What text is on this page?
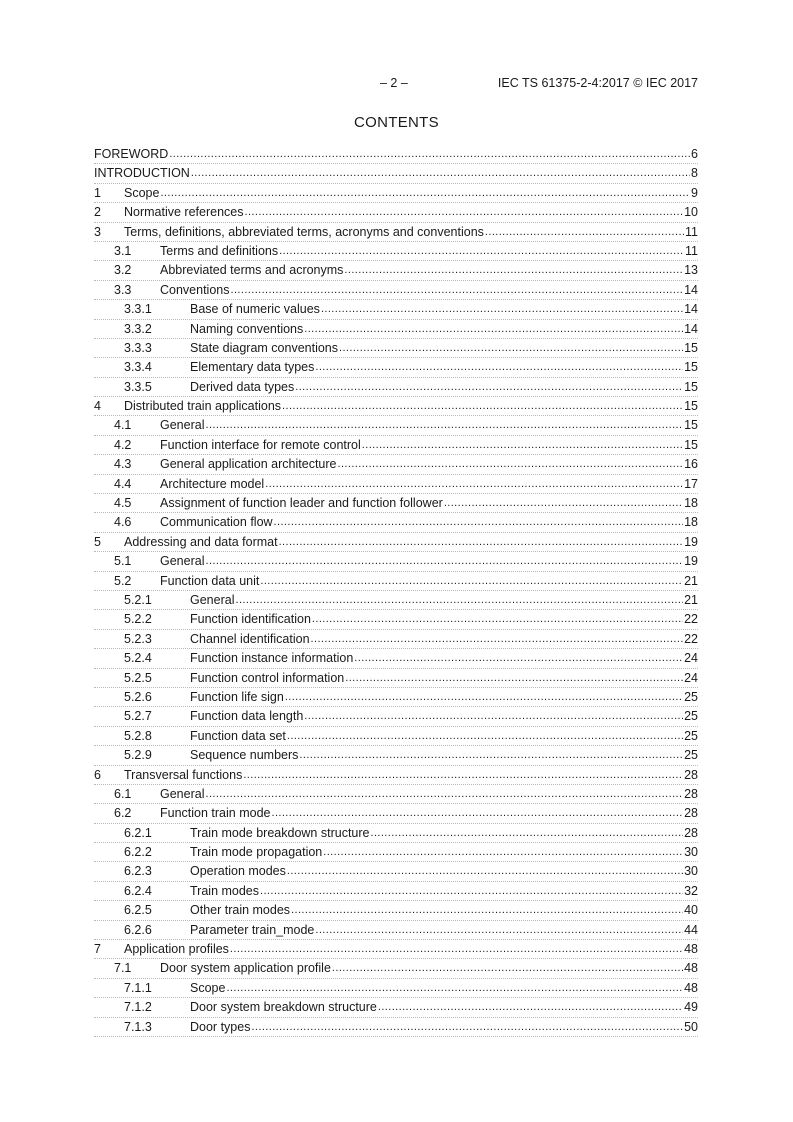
– 2 –	IEC TS 61375-2-4:2017 © IEC 2017
CONTENTS
FOREWORD .....	6
INTRODUCTION .....	8
1	Scope .....	9
2	Normative references .....	10
3	Terms, definitions, abbreviated terms, acronyms and conventions .....	11
3.1	Terms and definitions .....	11
3.2	Abbreviated terms and acronyms .....	13
3.3	Conventions .....	14
3.3.1	Base of numeric values .....	14
3.3.2	Naming conventions .....	14
3.3.3	State diagram conventions .....	15
3.3.4	Elementary data types .....	15
3.3.5	Derived data types .....	15
4	Distributed train applications .....	15
4.1	General .....	15
4.2	Function interface for remote control .....	15
4.3	General application architecture .....	16
4.4	Architecture model .....	17
4.5	Assignment of function leader and function follower .....	18
4.6	Communication flow .....	18
5	Addressing and data format .....	19
5.1	General .....	19
5.2	Function data unit .....	21
5.2.1	General .....	21
5.2.2	Function identification .....	22
5.2.3	Channel identification .....	22
5.2.4	Function instance information .....	24
5.2.5	Function control information .....	24
5.2.6	Function life sign .....	25
5.2.7	Function data length .....	25
5.2.8	Function data set .....	25
5.2.9	Sequence numbers .....	25
6	Transversal functions .....	28
6.1	General .....	28
6.2	Function train mode .....	28
6.2.1	Train mode breakdown structure .....	28
6.2.2	Train mode propagation .....	30
6.2.3	Operation modes .....	30
6.2.4	Train modes .....	32
6.2.5	Other train modes .....	40
6.2.6	Parameter train_mode .....	44
7	Application profiles .....	48
7.1	Door system application profile .....	48
7.1.1	Scope .....	48
7.1.2	Door system breakdown structure .....	49
7.1.3	Door types .....	50
